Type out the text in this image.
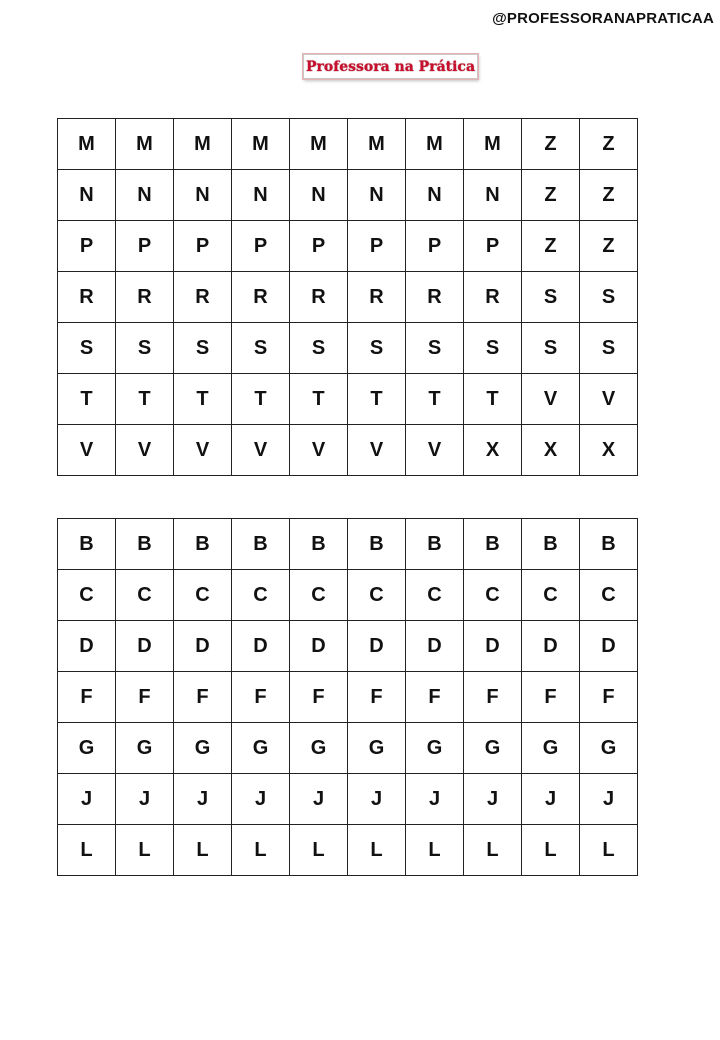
@PROFESSORANAPRATICAA
Professora na Prática
M	M	M	M	M	M	M	M	Z	Z
N	N	N	N	N	N	N	N	Z	Z
P	P	P	P	P	P	P	P	Z	Z
R	R	R	R	R	R	R	R	S	S
S	S	S	S	S	S	S	S	S	S
T	T	T	T	T	T	T	T	V	V
V	V	V	V	V	V	V	X	X	X
B	B	B	B	B	B	B	B	B	B
C	C	C	C	C	C	C	C	C	C
D	D	D	D	D	D	D	D	D	D
F	F	F	F	F	F	F	F	F	F
G	G	G	G	G	G	G	G	G	G
J	J	J	J	J	J	J	J	J	J
L	L	L	L	L	L	L	L	L	L
